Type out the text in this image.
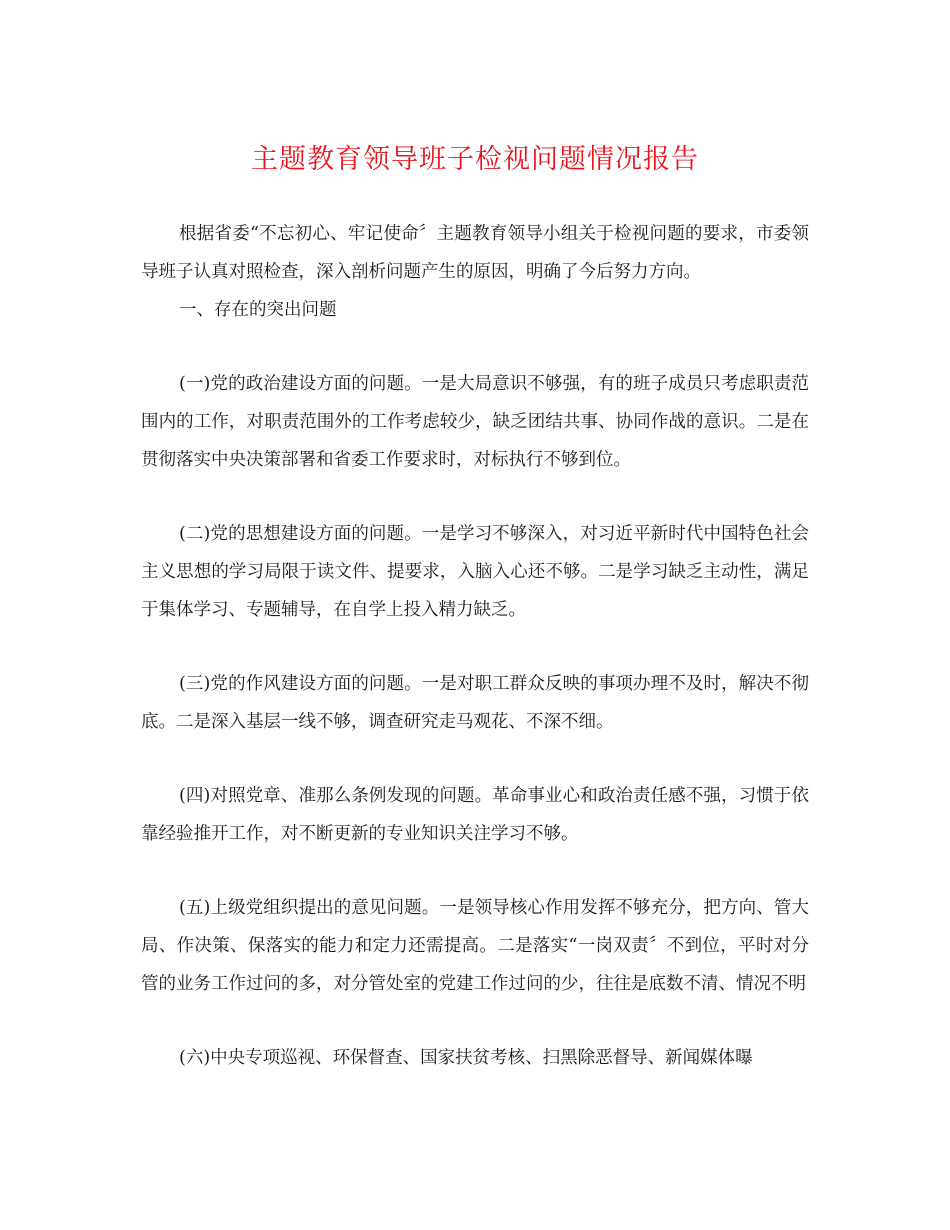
主题教育领导班子检视问题情况报告

根据省委“不忘初心、牢记使命〞主题教育领导小组关于检视问题的要求，市委领导班子认真对照检查，深入剖析问题产生的原因，明确了今后努力方向。

一、存在的突出问题

(一)党的政治建设方面的问题。一是大局意识不够强，有的班子成员只考虑职责范围内的工作，对职责范围外的工作考虑较少，缺乏团结共事、协同作战的意识。二是在贯彻落实中央决策部署和省委工作要求时，对标执行不够到位。

(二)党的思想建设方面的问题。一是学习不够深入，对习近平新时代中国特色社会主义思想的学习局限于读文件、提要求，入脑入心还不够。二是学习缺乏主动性，满足于集体学习、专题辅导，在自学上投入精力缺乏。

(三)党的作风建设方面的问题。一是对职工群众反映的事项办理不及时，解决不彻底。二是深入基层一线不够，调查研究走马观花、不深不细。

(四)对照党章、准那么条例发现的问题。革命事业心和政治责任感不强，习惯于依靠经验推开工作，对不断更新的专业知识关注学习不够。

(五)上级党组织提出的意见问题。一是领导核心作用发挥不够充分，把方向、管大局、作决策、保落实的能力和定力还需提高。二是落实“一岗双责〞不到位，平时对分管的业务工作过问的多，对分管处室的党建工作过问的少，往往是底数不清、情况不明

(六)中央专项巡视、环保督查、国家扶贫考核、扫黑除恶督导、新闻媒体曝
